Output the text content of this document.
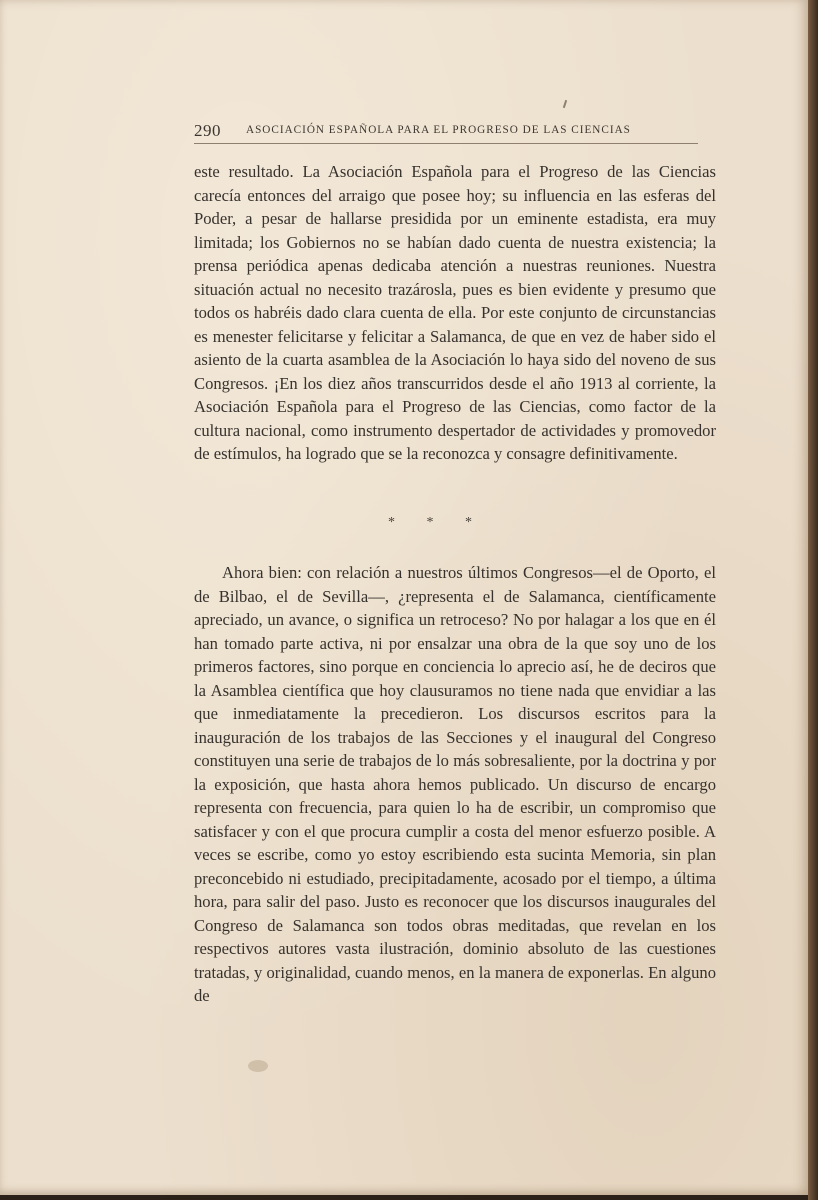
290 ASOCIACIÓN ESPAÑOLA PARA EL PROGRESO DE LAS CIENCIAS

este resultado. La Asociación Española para el Progreso de las Ciencias carecía entonces del arraigo que posee hoy; su influencia en las esferas del Poder, a pesar de hallarse presidida por un eminente estadista, era muy limitada; los Gobiernos no se habían dado cuenta de nuestra existencia; la prensa periódica apenas dedicaba atención a nuestras reuniones. Nuestra situación actual no necesito trazárosla, pues es bien evidente y presumo que todos os habréis dado clara cuenta de ella. Por este conjunto de circunstancias es menester felicitarse y felicitar a Salamanca, de que en vez de haber sido el asiento de la cuarta asamblea de la Asociación lo haya sido del noveno de sus Congresos. ¡En los diez años transcurridos desde el año 1913 al corriente, la Asociación Española para el Progreso de las Ciencias, como factor de la cultura nacional, como instrumento despertador de actividades y promovedor de estímulos, ha logrado que se la reconozca y consagre definitivamente.

* * *

Ahora bien: con relación a nuestros últimos Congresos—el de Oporto, el de Bilbao, el de Sevilla—, ¿representa el de Salamanca, científicamente apreciado, un avance, o significa un retroceso? No por halagar a los que en él han tomado parte activa, ni por ensalzar una obra de la que soy uno de los primeros factores, sino porque en conciencia lo aprecio así, he de deciros que la Asamblea científica que hoy clausuramos no tiene nada que envidiar a las que inmediatamente la precedieron. Los discursos escritos para la inauguración de los trabajos de las Secciones y el inaugural del Congreso constituyen una serie de trabajos de lo más sobresaliente, por la doctrina y por la exposición, que hasta ahora hemos publicado. Un discurso de encargo representa con frecuencia, para quien lo ha de escribir, un compromiso que satisfacer y con el que procura cumplir a costa del menor esfuerzo posible. A veces se escribe, como yo estoy escribiendo esta sucinta Memoria, sin plan preconcebido ni estudiado, precipitadamente, acosado por el tiempo, a última hora, para salir del paso. Justo es reconocer que los discursos inaugurales del Congreso de Salamanca son todos obras meditadas, que revelan en los respectivos autores vasta ilustración, dominio absoluto de las cuestiones tratadas, y originalidad, cuando menos, en la manera de exponerlas. En alguno de
